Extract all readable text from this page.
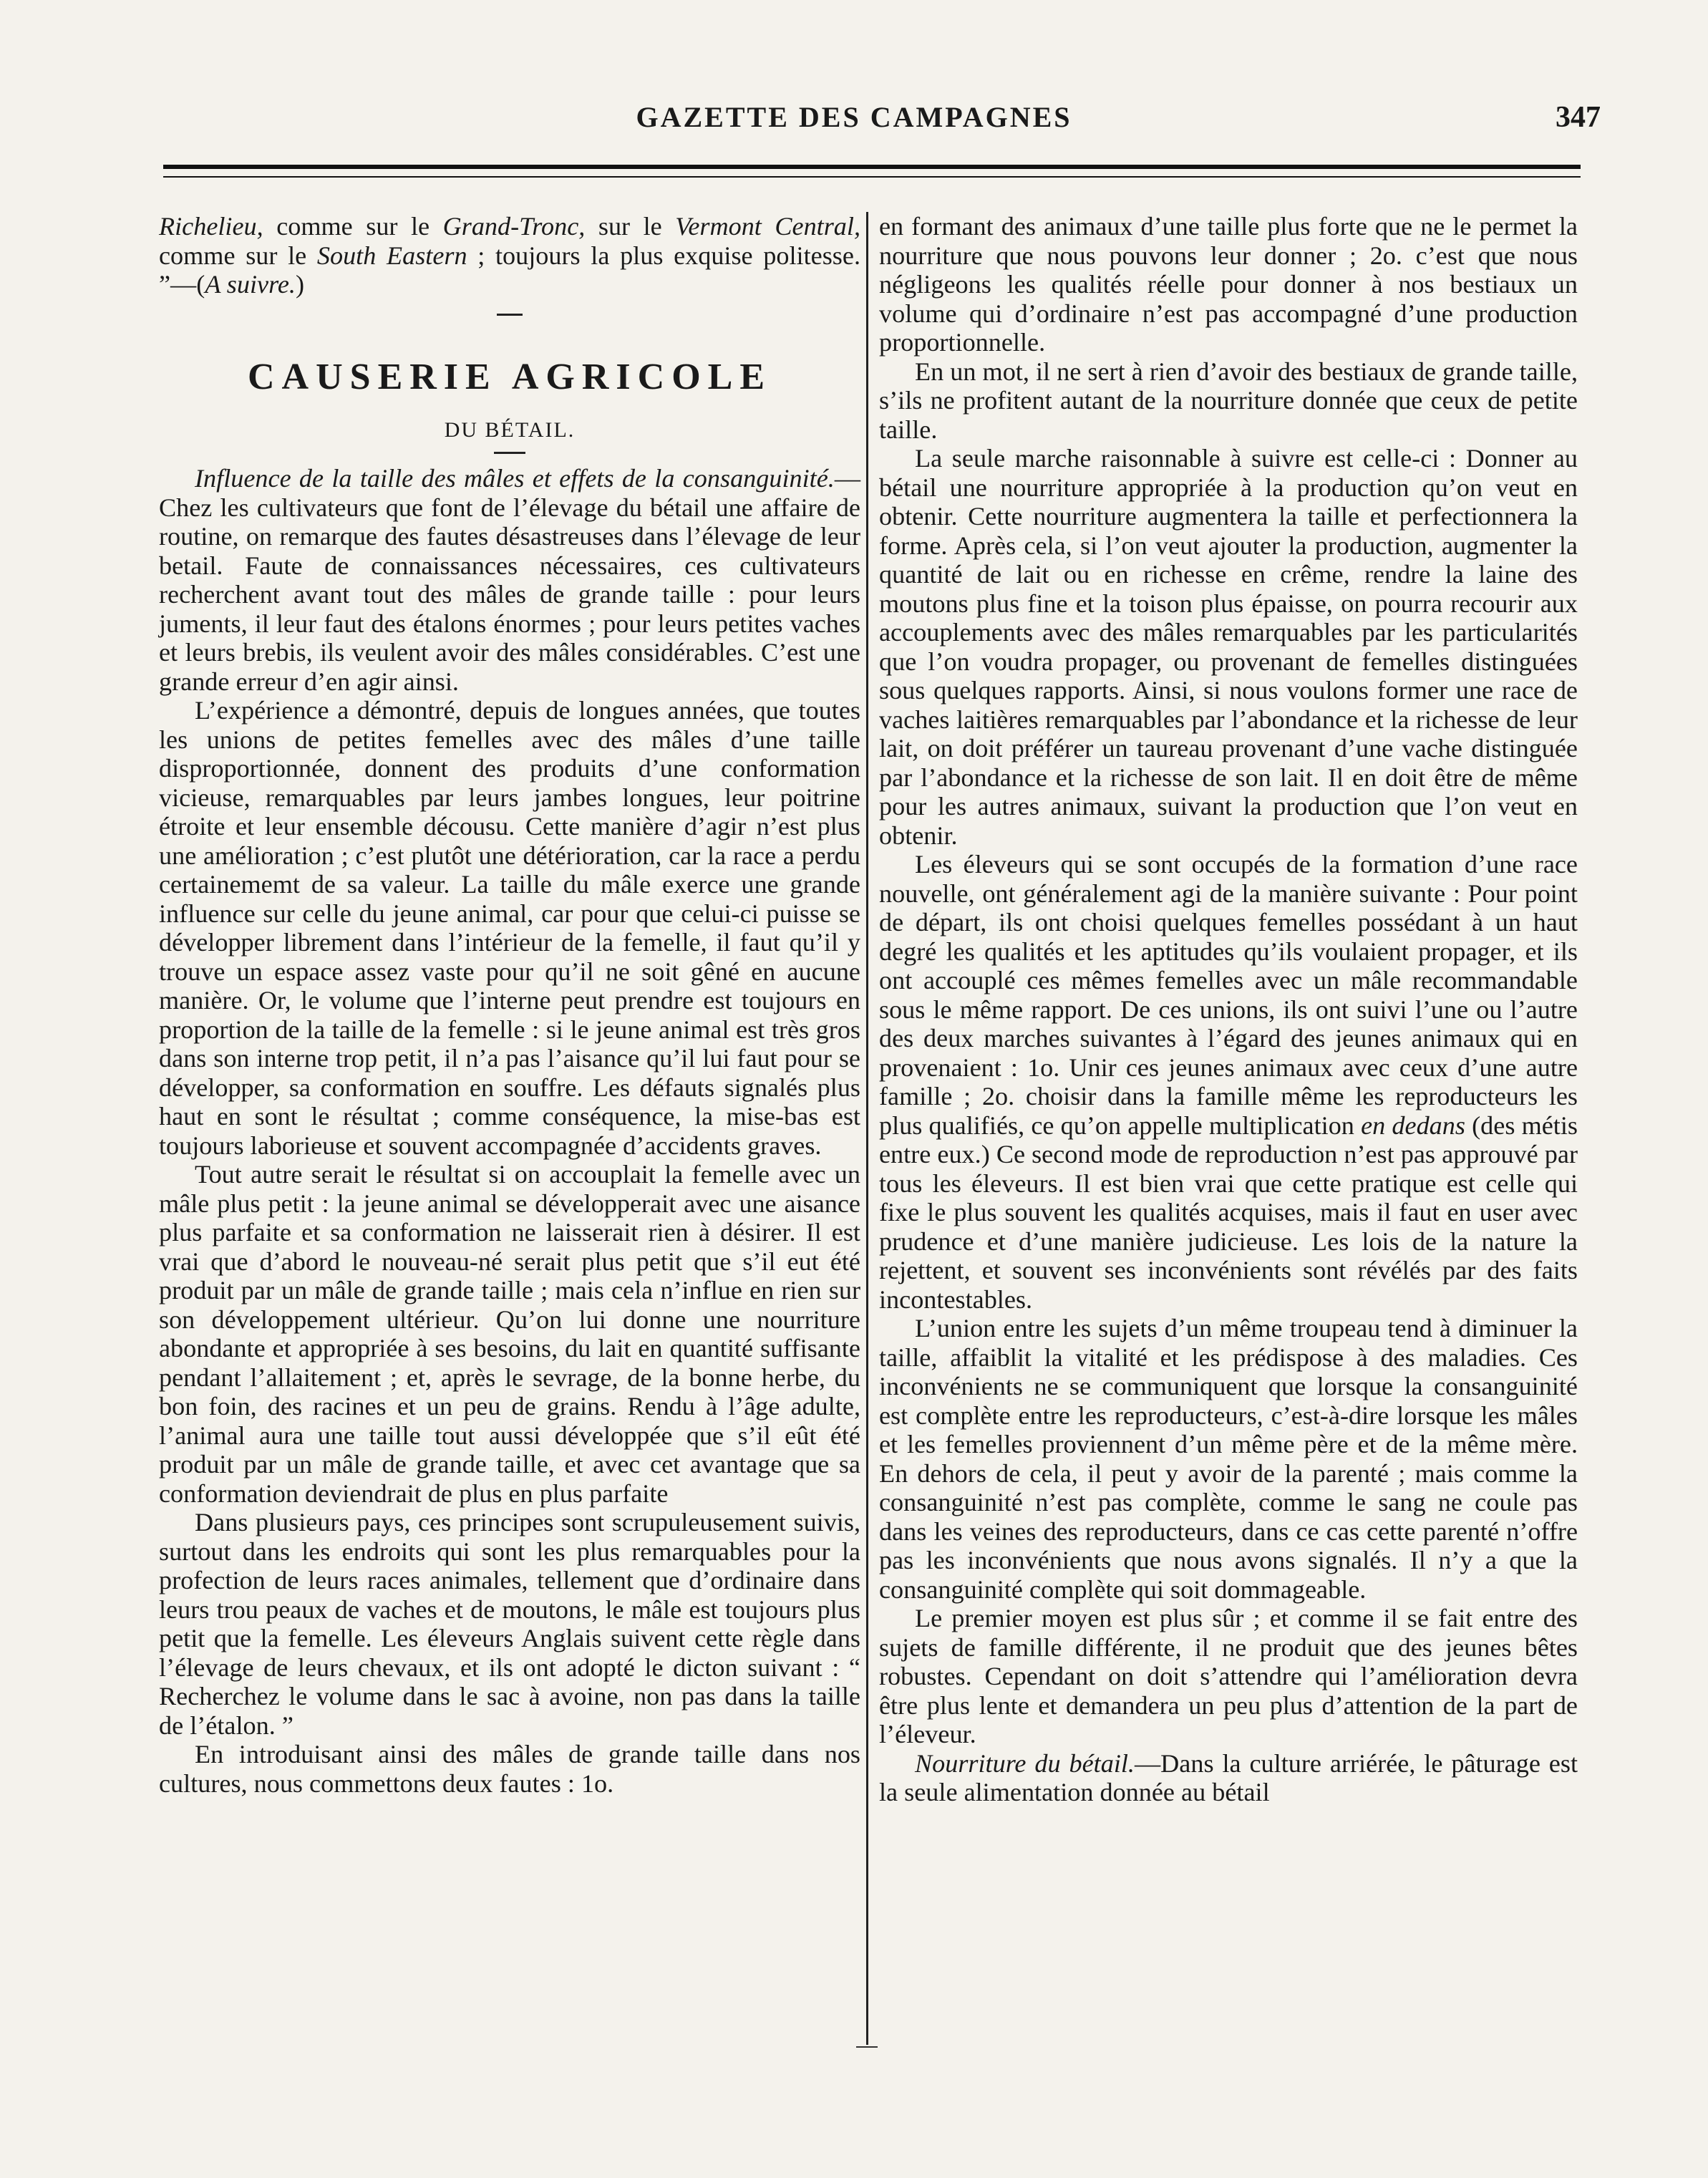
GAZETTE DES CAMPAGNES	347

Richelieu, comme sur le Grand-Tronc, sur le Vermont Central, comme sur le South Eastern ; toujours la plus exquise politesse. ”—(A suivre.)

CAUSERIE AGRICOLE
DU BÉTAIL.

Influence de la taille des mâles et effets de la consanguinité.—Chez les cultivateurs que font de l’élevage du bétail une affaire de routine, on remarque des fautes désastreuses dans l’élevage de leur betail. Faute de connaissances nécessaires, ces cultivateurs recherchent avant tout des mâles de grande taille : pour leurs juments, il leur faut des étalons énormes ; pour leurs petites vaches et leurs brebis, ils veulent avoir des mâles considérables. C’est une grande erreur d’en agir ainsi.

L’expérience a démontré, depuis de longues années, que toutes les unions de petites femelles avec des mâles d’une taille disproportionnée, donnent des produits d’une conformation vicieuse, remarquables par leurs jambes longues, leur poitrine étroite et leur ensemble décousu. Cette manière d’agir n’est plus une amélioration ; c’est plutôt une détérioration, car la race a perdu certainememt de sa valeur. La taille du mâle exerce une grande influence sur celle du jeune animal, car pour que celui-ci puisse se développer librement dans l’intérieur de la femelle, il faut qu’il y trouve un espace assez vaste pour qu’il ne soit gêné en aucune manière. Or, le volume que l’interne peut prendre est toujours en proportion de la taille de la femelle : si le jeune animal est très gros dans son interne trop petit, il n’a pas l’aisance qu’il lui faut pour se développer, sa conformation en souffre. Les défauts signalés plus haut en sont le résultat ; comme conséquence, la mise-bas est toujours laborieuse et souvent accompagnée d’accidents graves.

Tout autre serait le résultat si on accouplait la femelle avec un mâle plus petit : la jeune animal se développerait avec une aisance plus parfaite et sa conformation ne laisserait rien à désirer. Il est vrai que d’abord le nouveau-né serait plus petit que s’il eut été produit par un mâle de grande taille ; mais cela n’influe en rien sur son développement ultérieur. Qu’on lui donne une nourriture abondante et appropriée à ses besoins, du lait en quantité suffisante pendant l’allaitement ; et, après le sevrage, de la bonne herbe, du bon foin, des racines et un peu de grains. Rendu à l’âge adulte, l’animal aura une taille tout aussi développée que s’il eût été produit par un mâle de grande taille, et avec cet avantage que sa conformation deviendrait de plus en plus parfaite

Dans plusieurs pays, ces principes sont scrupuleusement suivis, surtout dans les endroits qui sont les plus remarquables pour la profection de leurs races animales, tellement que d’ordinaire dans leurs trou peaux de vaches et de moutons, le mâle est toujours plus petit que la femelle. Les éleveurs Anglais suivent cette règle dans l’élevage de leurs chevaux, et ils ont adopté le dicton suivant : “ Recherchez le volume dans le sac à avoine, non pas dans la taille de l’étalon. ”

En introduisant ainsi des mâles de grande taille dans nos cultures, nous commettons deux fautes : 1o.

en formant des animaux d’une taille plus forte que ne le permet la nourriture que nous pouvons leur donner ; 2o. c’est que nous négligeons les qualités réelle pour donner à nos bestiaux un volume qui d’ordinaire n’est pas accompagné d’une production proportionnelle.

En un mot, il ne sert à rien d’avoir des bestiaux de grande taille, s’ils ne profitent autant de la nourriture donnée que ceux de petite taille.

La seule marche raisonnable à suivre est celle-ci : Donner au bétail une nourriture appropriée à la production qu’on veut en obtenir. Cette nourriture augmentera la taille et perfectionnera la forme. Après cela, si l’on veut ajouter la production, augmenter la quantité de lait ou en richesse en crême, rendre la laine des moutons plus fine et la toison plus épaisse, on pourra recourir aux accouplements avec des mâles remarquables par les particularités que l’on voudra propager, ou provenant de femelles distinguées sous quelques rapports. Ainsi, si nous voulons former une race de vaches laitières remarquables par l’abondance et la richesse de leur lait, on doit préférer un taureau provenant d’une vache distinguée par l’abondance et la richesse de son lait. Il en doit être de même pour les autres animaux, suivant la production que l’on veut en obtenir.

Les éleveurs qui se sont occupés de la formation d’une race nouvelle, ont généralement agi de la manière suivante : Pour point de départ, ils ont choisi quelques femelles possédant à un haut degré les qualités et les aptitudes qu’ils voulaient propager, et ils ont accouplé ces mêmes femelles avec un mâle recommandable sous le même rapport. De ces unions, ils ont suivi l’une ou l’autre des deux marches suivantes à l’égard des jeunes animaux qui en provenaient : 1o. Unir ces jeunes animaux avec ceux d’une autre famille ; 2o. choisir dans la famille même les reproducteurs les plus qualifiés, ce qu’on appelle multiplication en dedans (des métis entre eux.) Ce second mode de reproduction n’est pas approuvé par tous les éleveurs. Il est bien vrai que cette pratique est celle qui fixe le plus souvent les qualités acquises, mais il faut en user avec prudence et d’une manière judicieuse. Les lois de la nature la rejettent, et souvent ses inconvénients sont révélés par des faits incontestables.

L’union entre les sujets d’un même troupeau tend à diminuer la taille, affaiblit la vitalité et les prédispose à des maladies. Ces inconvénients ne se communiquent que lorsque la consanguinité est complète entre les reproducteurs, c’est-à-dire lorsque les mâles et les femelles proviennent d’un même père et de la même mère. En dehors de cela, il peut y avoir de la parenté ; mais comme la consanguinité n’est pas complète, comme le sang ne coule pas dans les veines des reproducteurs, dans ce cas cette parenté n’offre pas les inconvénients que nous avons signalés. Il n’y a que la consanguinité complète qui soit dommageable.

Le premier moyen est plus sûr ; et comme il se fait entre des sujets de famille différente, il ne produit que des jeunes bêtes robustes. Cependant on doit s’attendre qui l’amélioration devra être plus lente et demandera un peu plus d’attention de la part de l’éleveur.

Nourriture du bétail.—Dans la culture arriérée, le pâturage est la seule alimentation donnée au bétail
